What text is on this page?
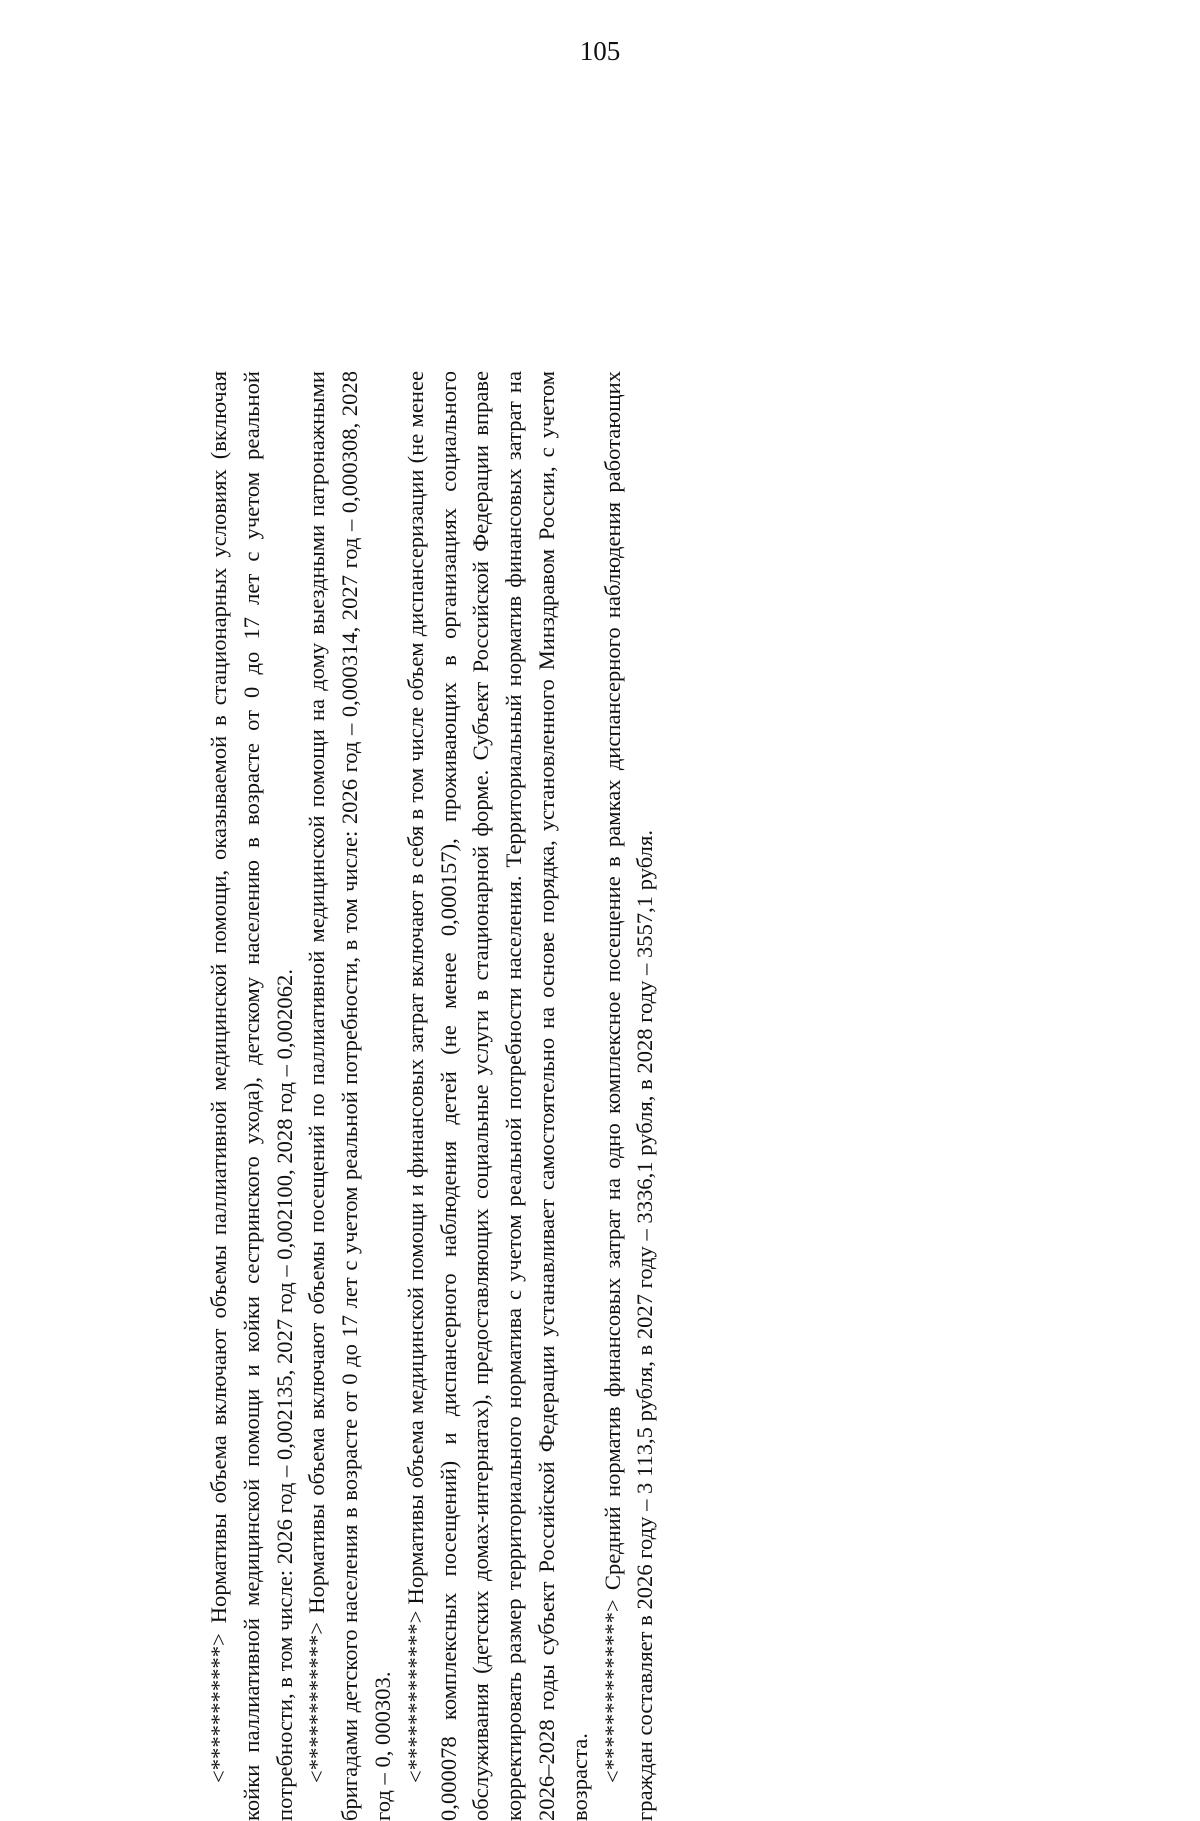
105

<***********> Нормативы объема включают объемы паллиативной медицинской помощи, оказываемой в стационарных условиях (включая койки паллиативной медицинской помощи и койки сестринского ухода), детскому населению в возрасте от 0 до 17 лет с учетом реальной потребности, в том числе: 2026 год – 0,002135, 2027 год – 0,002100, 2028 год – 0,002062. <************> Нормативы объема включают объемы посещений по паллиативной медицинской помощи на дому выездными патронажными бригадами детского населения в возрасте от 0 до 17 лет с учетом реальной потребности, в том числе: 2026 год – 0,000314, 2027 год – 0,000308, 2028 год – 0, 000303. <*************> Нормативы объема медицинской помощи и финансовых затрат включают в себя в том числе объем диспансеризации (не менее 0,000078 комплексных посещений) и диспансерного наблюдения детей (не менее 0,000157), проживающих в организациях социального обслуживания (детских домах-интернатах), предоставляющих социальные услуги в стационарной форме. Субъект Российской Федерации вправе корректировать размер территориального норматива с учетом реальной потребности населения. Территориальный норматив финансовых затрат на 2026–2028 годы субъект Российской Федерации устанавливает самостоятельно на основе порядка, установленного Минздравом России, с учетом возраста. <**************> Средний норматив финансовых затрат на одно комплексное посещение в рамках диспансерного наблюдения работающих граждан составляет в 2026 году – 3 113,5 рубля, в 2027 году – 3336,1 рубля, в 2028 году – 3557,1 рубля.
